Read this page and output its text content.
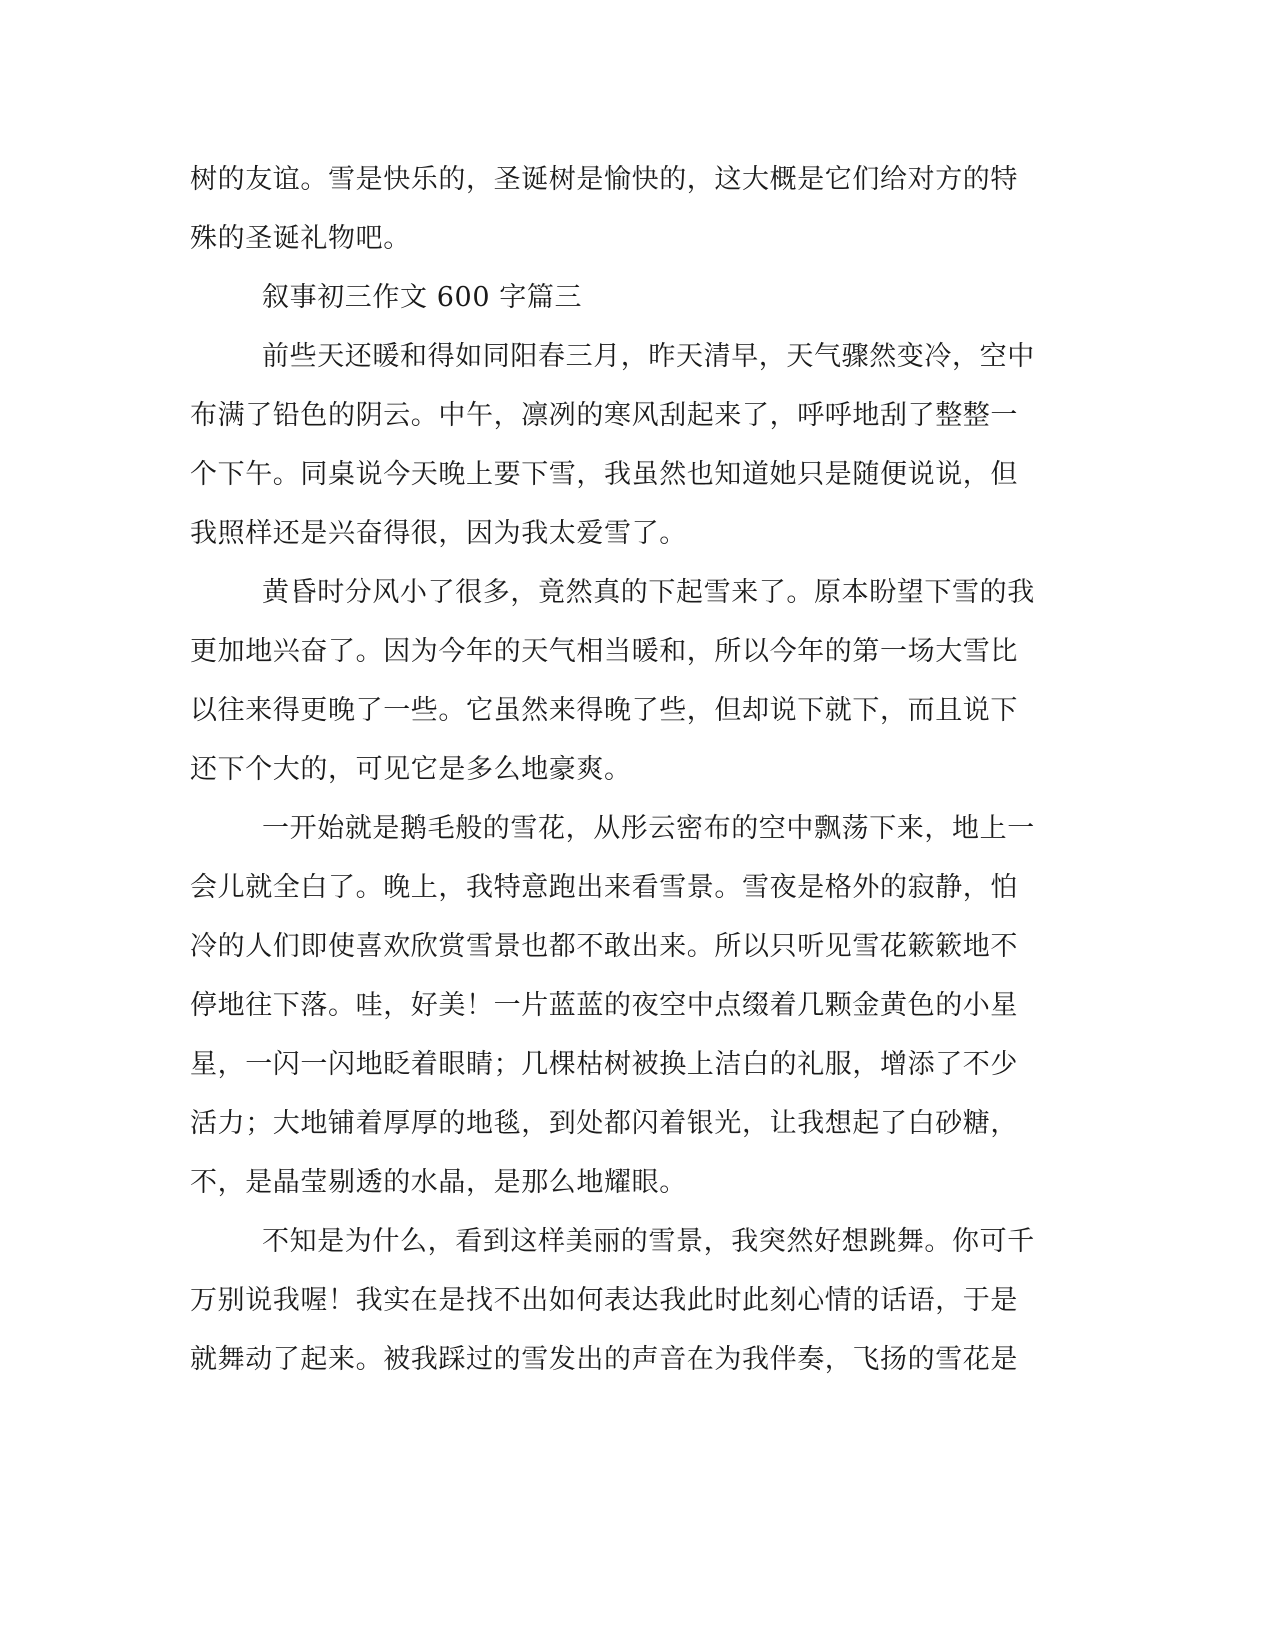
树的友谊。雪是快乐的，圣诞树是愉快的，这大概是它们给对方的特
殊的圣诞礼物吧。
叙事初三作文 600 字篇三
前些天还暖和得如同阳春三月，昨天清早，天气骤然变冷，空中
布满了铅色的阴云。中午，凛冽的寒风刮起来了，呼呼地刮了整整一
个下午。同桌说今天晚上要下雪，我虽然也知道她只是随便说说，但
我照样还是兴奋得很，因为我太爱雪了。
黄昏时分风小了很多，竟然真的下起雪来了。原本盼望下雪的我
更加地兴奋了。因为今年的天气相当暖和，所以今年的第一场大雪比
以往来得更晚了一些。它虽然来得晚了些，但却说下就下，而且说下
还下个大的，可见它是多么地豪爽。
一开始就是鹅毛般的雪花，从彤云密布的空中飘荡下来，地上一
会儿就全白了。晚上，我特意跑出来看雪景。雪夜是格外的寂静，怕
冷的人们即使喜欢欣赏雪景也都不敢出来。所以只听见雪花簌簌地不
停地往下落。哇，好美！一片蓝蓝的夜空中点缀着几颗金黄色的小星
星，一闪一闪地眨着眼睛；几棵枯树被换上洁白的礼服，增添了不少
活力；大地铺着厚厚的地毯，到处都闪着银光，让我想起了白砂糖，
不，是晶莹剔透的水晶，是那么地耀眼。
不知是为什么，看到这样美丽的雪景，我突然好想跳舞。你可千
万别说我喔！我实在是找不出如何表达我此时此刻心情的话语，于是
就舞动了起来。被我踩过的雪发出的声音在为我伴奏，飞扬的雪花是
